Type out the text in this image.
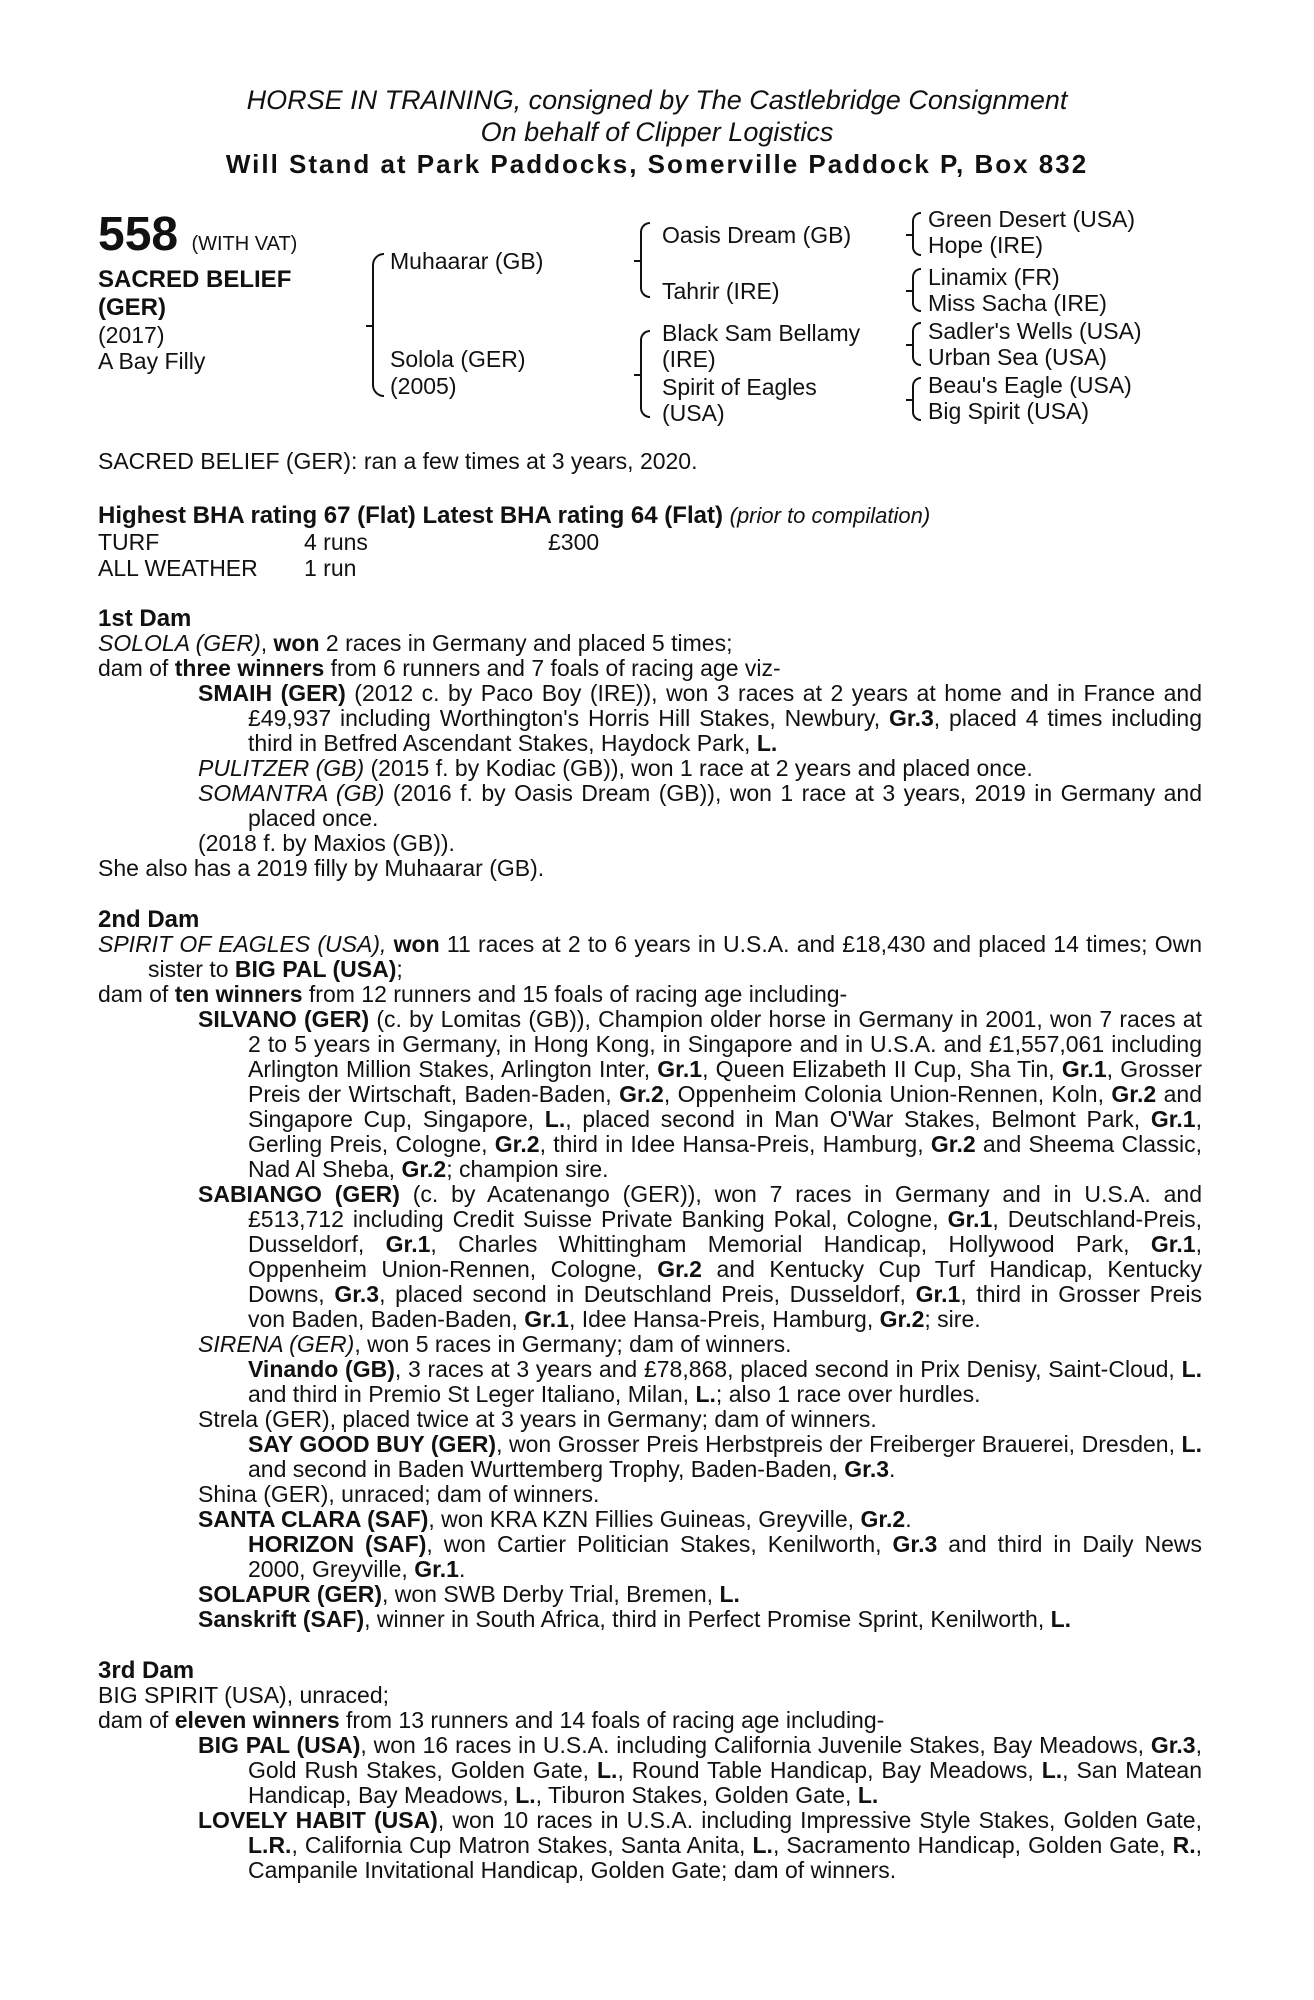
HORSE IN TRAINING, consigned by The Castlebridge Consignment
On behalf of Clipper Logistics
Will Stand at Park Paddocks, Somerville Paddock P, Box 832
558 (WITH VAT)
SACRED BELIEF
(GER)
(2017)
A Bay Filly
Muhaarar (GB)
Solola (GER)
(2005)
Oasis Dream (GB)
Tahrir (IRE)
Black Sam Bellamy
(IRE)
Spirit of Eagles
(USA)
Green Desert (USA)
Hope (IRE)
Linamix (FR)
Miss Sacha (IRE)
Sadler's Wells (USA)
Urban Sea (USA)
Beau's Eagle (USA)
Big Spirit (USA)
SACRED BELIEF (GER): ran a few times at 3 years, 2020.
Highest BHA rating 67 (Flat) Latest BHA rating 64 (Flat) (prior to compilation)
TURF	4 runs	£300
ALL WEATHER 1 run

1st Dam

SOLOLA (GER), won 2 races in Germany and placed 5 times;

dam of three winners from 6 runners and 7 foals of racing age viz-

SMAIH (GER) (2012 c. by Paco Boy (IRE)), won 3 races at 2 years at home and in France and £49,937 including Worthington's Horris Hill Stakes, Newbury, Gr.3, placed 4 times including third in Betfred Ascendant Stakes, Haydock Park, L.

PULITZER (GB) (2015 f. by Kodiac (GB)), won 1 race at 2 years and placed once.

SOMANTRA (GB) (2016 f. by Oasis Dream (GB)), won 1 race at 3 years, 2019 in Germany and placed once.

(2018 f. by Maxios (GB)).

She also has a 2019 filly by Muhaarar (GB).

2nd Dam

SPIRIT OF EAGLES (USA), won 11 races at 2 to 6 years in U.S.A. and £18,430 and placed 14 times; Own sister to BIG PAL (USA);

dam of ten winners from 12 runners and 15 foals of racing age including-

SILVANO (GER) (c. by Lomitas (GB)), Champion older horse in Germany in 2001, won 7 races at 2 to 5 years in Germany, in Hong Kong, in Singapore and in U.S.A. and £1,557,061 including Arlington Million Stakes, Arlington Inter, Gr.1, Queen Elizabeth II Cup, Sha Tin, Gr.1, Grosser Preis der Wirtschaft, Baden-Baden, Gr.2, Oppenheim Colonia Union-Rennen, Koln, Gr.2 and Singapore Cup, Singapore, L., placed second in Man O'War Stakes, Belmont Park, Gr.1, Gerling Preis, Cologne, Gr.2, third in Idee Hansa-Preis, Hamburg, Gr.2 and Sheema Classic, Nad Al Sheba, Gr.2; champion sire.

SABIANGO (GER) (c. by Acatenango (GER)), won 7 races in Germany and in U.S.A. and £513,712 including Credit Suisse Private Banking Pokal, Cologne, Gr.1, Deutschland-Preis, Dusseldorf, Gr.1, Charles Whittingham Memorial Handicap, Hollywood Park, Gr.1, Oppenheim Union-Rennen, Cologne, Gr.2 and Kentucky Cup Turf Handicap, Kentucky Downs, Gr.3, placed second in Deutschland Preis, Dusseldorf, Gr.1, third in Grosser Preis von Baden, Baden-Baden, Gr.1, Idee Hansa-Preis, Hamburg, Gr.2; sire.

SIRENA (GER), won 5 races in Germany; dam of winners.

Vinando (GB), 3 races at 3 years and £78,868, placed second in Prix Denisy, Saint-Cloud, L. and third in Premio St Leger Italiano, Milan, L.; also 1 race over hurdles.

Strela (GER), placed twice at 3 years in Germany; dam of winners.

SAY GOOD BUY (GER), won Grosser Preis Herbstpreis der Freiberger Brauerei, Dresden, L. and second in Baden Wurttemberg Trophy, Baden-Baden, Gr.3.

Shina (GER), unraced; dam of winners.

SANTA CLARA (SAF), won KRA KZN Fillies Guineas, Greyville, Gr.2.

HORIZON (SAF), won Cartier Politician Stakes, Kenilworth, Gr.3 and third in Daily News 2000, Greyville, Gr.1.

SOLAPUR (GER), won SWB Derby Trial, Bremen, L.

Sanskrift (SAF), winner in South Africa, third in Perfect Promise Sprint, Kenilworth, L.

3rd Dam

BIG SPIRIT (USA), unraced;

dam of eleven winners from 13 runners and 14 foals of racing age including-

BIG PAL (USA), won 16 races in U.S.A. including California Juvenile Stakes, Bay Meadows, Gr.3, Gold Rush Stakes, Golden Gate, L., Round Table Handicap, Bay Meadows, L., San Matean Handicap, Bay Meadows, L., Tiburon Stakes, Golden Gate, L.

LOVELY HABIT (USA), won 10 races in U.S.A. including Impressive Style Stakes, Golden Gate, L.R., California Cup Matron Stakes, Santa Anita, L., Sacramento Handicap, Golden Gate, R., Campanile Invitational Handicap, Golden Gate; dam of winners.
